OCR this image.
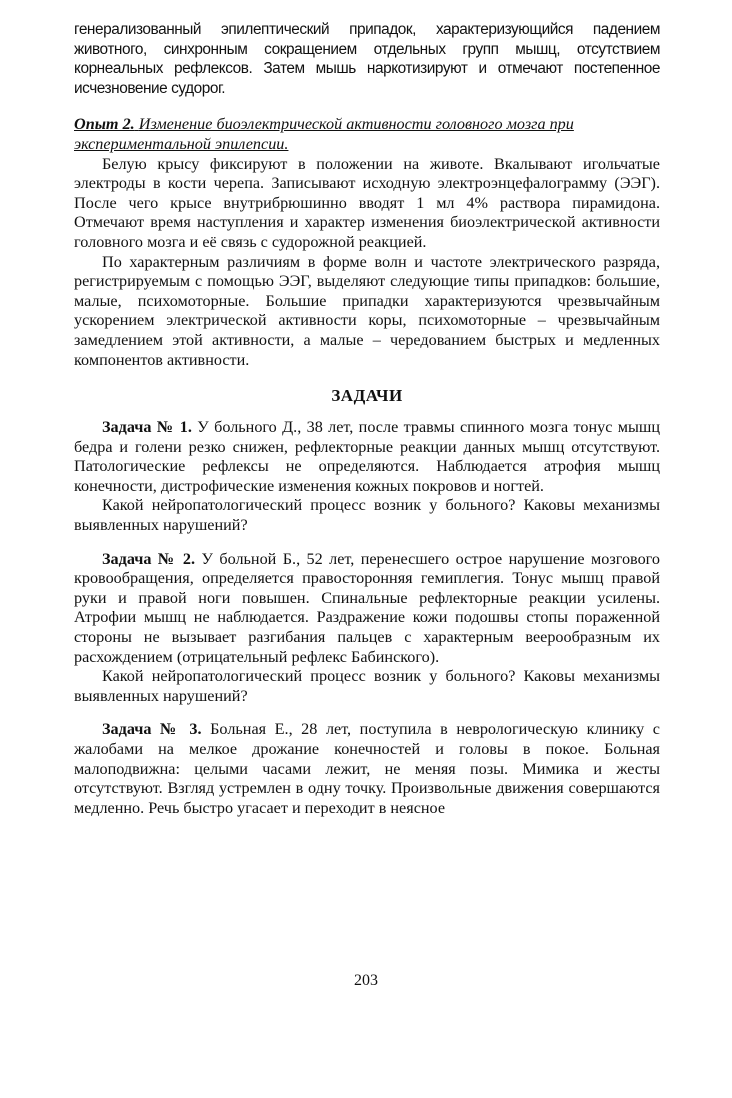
генерализованный эпилептический припадок, характеризующийся падением животного, синхронным сокращением отдельных групп мышц, отсутствием корнеальных рефлексов. Затем мышь наркотизируют и отмечают постепенное исчезновение судорог.

Опыт 2. Изменение биоэлектрической активности головного мозга при экспериментальной эпилепсии.

Белую крысу фиксируют в положении на животе. Вкалывают игольчатые электроды в кости черепа. Записывают исходную электроэнцефалограмму (ЭЭГ). После чего крысе внутрибрюшинно вводят 1 мл 4% раствора пирамидона. Отмечают время наступления и характер изменения биоэлектрической активности головного мозга и её связь с судорожной реакцией.

По характерным различиям в форме волн и частоте электрического разряда, регистрируемым с помощью ЭЭГ, выделяют следующие типы припадков: большие, малые, психомоторные. Большие припадки характеризуются чрезвычайным ускорением электрической активности коры, психомоторные – чрезвычайным замедлением этой активности, а малые – чередованием быстрых и медленных компонентов активности.

ЗАДАЧИ

Задача № 1. У больного Д., 38 лет, после травмы спинного мозга тонус мышц бедра и голени резко снижен, рефлекторные реакции данных мышц отсутствуют. Патологические рефлексы не определяются. Наблюдается атрофия мышц конечности, дистрофические изменения кожных покровов и ногтей.

Какой нейропатологический процесс возник у больного? Каковы механизмы выявленных нарушений?

Задача № 2. У больной Б., 52 лет, перенесшего острое нарушение мозгового кровообращения, определяется правосторонняя гемиплегия. Тонус мышц правой руки и правой ноги повышен. Спинальные рефлекторные реакции усилены. Атрофии мышц не наблюдается. Раздражение кожи подошвы стопы пораженной стороны не вызывает разгибания пальцев с характерным веерообразным их расхождением (отрицательный рефлекс Бабинского).

Какой нейропатологический процесс возник у больного? Каковы механизмы выявленных нарушений?

Задача № 3. Больная Е., 28 лет, поступила в неврологическую клинику с жалобами на мелкое дрожание конечностей и головы в покое. Больная малоподвижна: целыми часами лежит, не меняя позы. Мимика и жесты отсутствуют. Взгляд устремлен в одну точку. Произвольные движения совершаются медленно. Речь быстро угасает и переходит в неясное

203
